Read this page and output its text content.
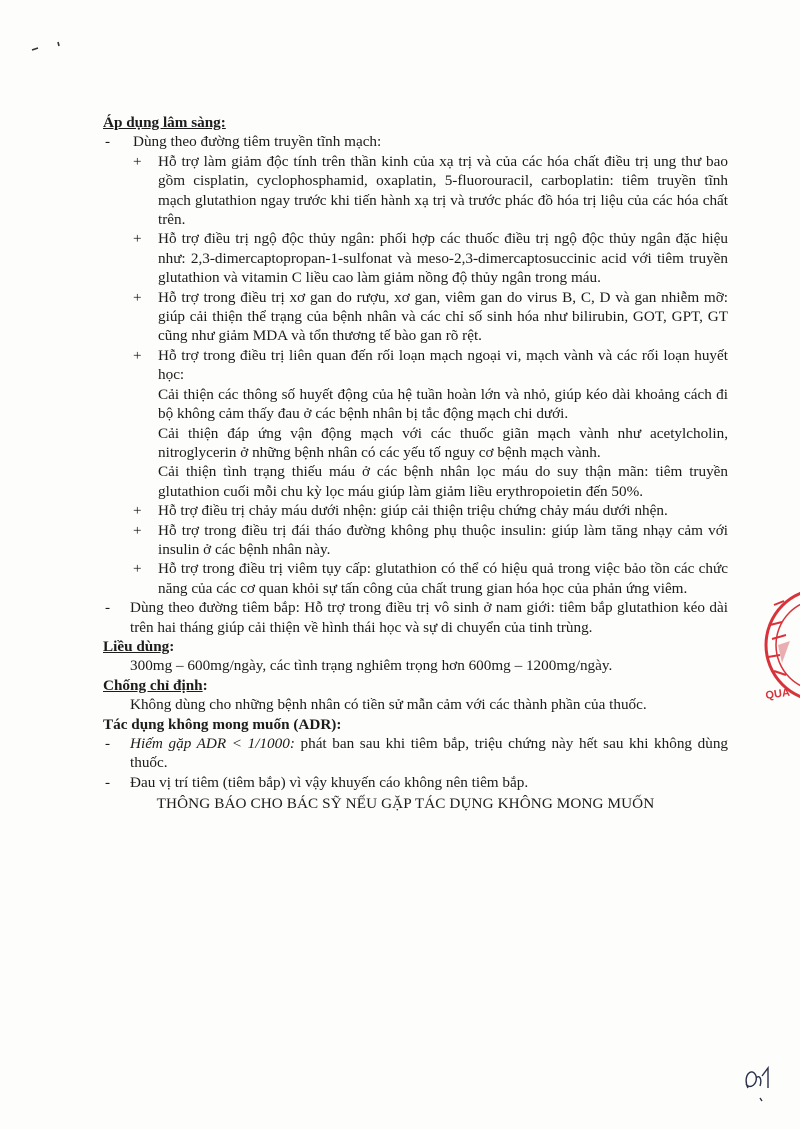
Áp dụng lâm sàng:

- Dùng theo đường tiêm truyền tĩnh mạch:

+ Hỗ trợ làm giảm độc tính trên thần kinh của xạ trị và của các hóa chất điều trị ung thư bao gồm cisplatin, cyclophosphamid, oxaplatin, 5-fluorouracil, carboplatin: tiêm truyền tĩnh mạch glutathion ngay trước khi tiến hành xạ trị và trước phác đồ hóa trị liệu của các hóa chất trên.

+ Hỗ trợ điều trị ngộ độc thủy ngân: phối hợp các thuốc điều trị ngộ độc thủy ngân đặc hiệu như: 2,3-dimercaptopropan-1-sulfonat và meso-2,3-dimercaptosuccinic acid với tiêm truyền glutathion và vitamin C liều cao làm giảm nồng độ thủy ngân trong máu.

+ Hỗ trợ trong điều trị xơ gan do rượu, xơ gan, viêm gan do virus B, C, D và gan nhiễm mỡ: giúp cải thiện thể trạng của bệnh nhân và các chỉ số sinh hóa như bilirubin, GOT, GPT, GT cũng như giảm MDA và tổn thương tế bào gan rõ rệt.

+ Hỗ trợ trong điều trị liên quan đến rối loạn mạch ngoại vi, mạch vành và các rối loạn huyết học:

Cải thiện các thông số huyết động của hệ tuần hoàn lớn và nhỏ, giúp kéo dài khoảng cách đi bộ không cảm thấy đau ở các bệnh nhân bị tắc động mạch chi dưới.

Cải thiện đáp ứng vận động mạch với các thuốc giãn mạch vành như acetylcholin, nitroglycerin ở những bệnh nhân có các yếu tố nguy cơ bệnh mạch vành.

Cải thiện tình trạng thiếu máu ở các bệnh nhân lọc máu do suy thận mãn: tiêm truyền glutathion cuối mỗi chu kỳ lọc máu giúp làm giảm liều erythropoietin đến 50%.

+ Hỗ trợ điều trị chảy máu dưới nhện: giúp cải thiện triệu chứng chảy máu dưới nhện.

+ Hỗ trợ trong điều trị đái tháo đường không phụ thuộc insulin: giúp làm tăng nhạy cảm với insulin ở các bệnh nhân này.

+ Hỗ trợ trong điều trị viêm tụy cấp: glutathion có thể có hiệu quả trong việc bảo tồn các chức năng của các cơ quan khỏi sự tấn công của chất trung gian hóa học của phản ứng viêm.

- Dùng theo đường tiêm bắp: Hỗ trợ trong điều trị vô sinh ở nam giới: tiêm bắp glutathion kéo dài trên hai tháng giúp cải thiện về hình thái học và sự di chuyển của tinh trùng.

Liều dùng :

300mg – 600mg/ngày, các tình trạng nghiêm trọng hơn 600mg – 1200mg/ngày.

Chống chỉ định :

Không dùng cho những bệnh nhân có tiền sử mẫn cảm với các thành phần của thuốc.

Tác dụng không mong muốn (ADR):

- Hiếm gặp ADR < 1/1000: phát ban sau khi tiêm bắp, triệu chứng này hết sau khi không dùng thuốc.

- Đau vị trí tiêm (tiêm bắp) vì vậy khuyến cáo không nên tiêm bắp.

THÔNG BÁO CHO BÁC SỸ NẾU GẶP TÁC DỤNG KHÔNG MONG MUỐN

QUẢ
